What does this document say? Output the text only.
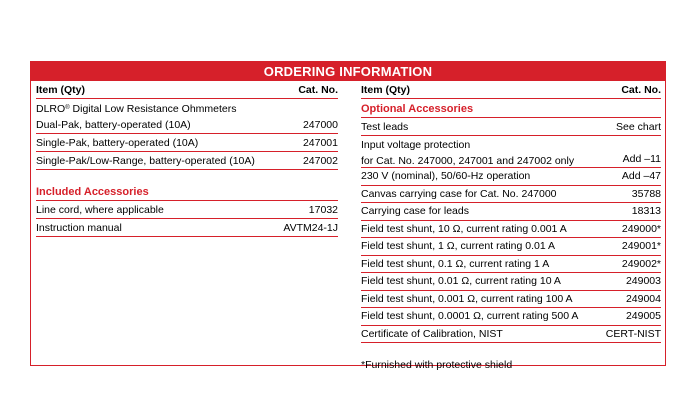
ORDERING INFORMATION
Item (Qty)	Cat. No.
DLRO® Digital Low Resistance Ohmmeters
Dual-Pak, battery-operated (10A)	247000
Single-Pak, battery-operated (10A)	247001
Single-Pak/Low-Range, battery-operated (10A)	247002
Included Accessories
Line cord, where applicable	17032
Instruction manual	AVTM24-1J
Item (Qty)	Cat. No.
Optional Accessories
Test leads	See chart
Input voltage protection
for Cat. No. 247000, 247001 and 247002 only	Add –11
230 V (nominal), 50/60-Hz operation	Add –47
Canvas carrying case for Cat. No. 247000	35788
Carrying case for leads	18313
Field test shunt, 10 Ω, current rating 0.001 A	249000*
Field test shunt, 1 Ω, current rating 0.01 A	249001*
Field test shunt, 0.1 Ω, current rating 1 A	249002*
Field test shunt, 0.01 Ω, current rating 10 A	249003
Field test shunt, 0.001 Ω, current rating 100 A	249004
Field test shunt, 0.0001 Ω, current rating 500 A	249005
Certificate of Calibration, NIST	CERT-NIST
*Furnished with protective shield
